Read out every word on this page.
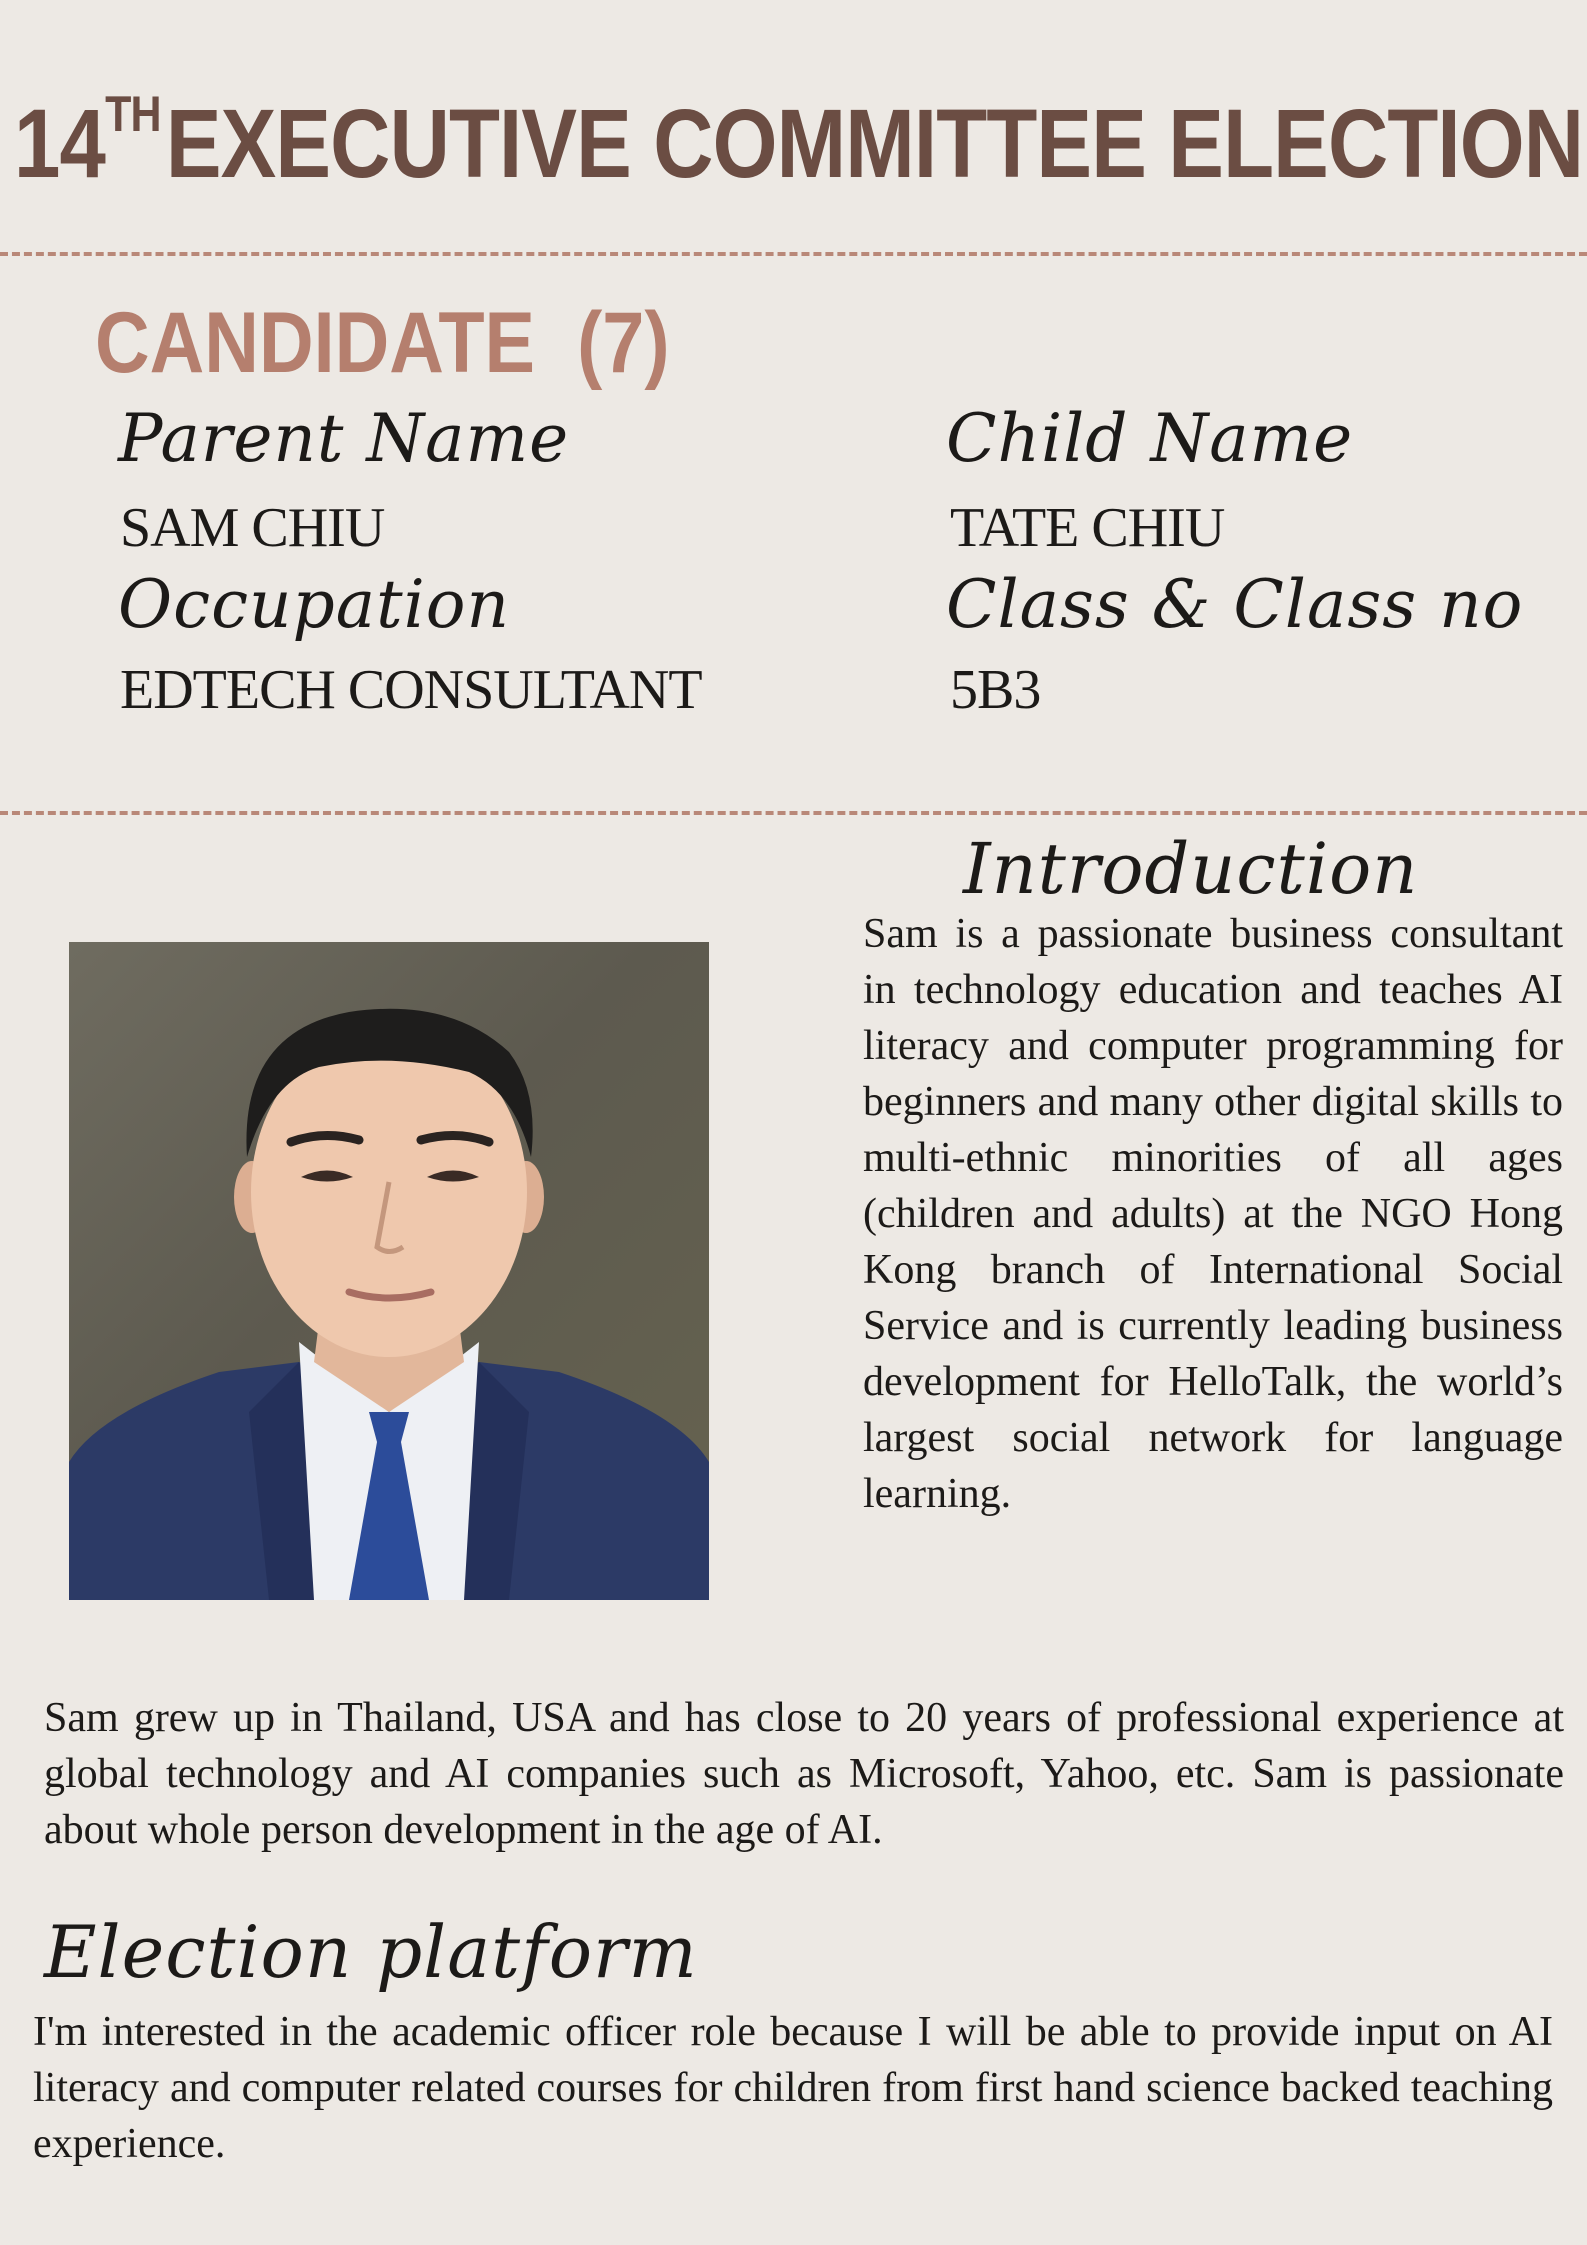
14THEXECUTIVE COMMITTEE ELECTION
CANDIDATE  (7)
Parent Name
SAM CHIU
Child Name
TATE CHIU
Occupation
EDTECH CONSULTANT
Class & Class no
5B3
Introduction

Sam is a passionate business consultant in technology education and teaches AI literacy and computer programming for beginners and many other digital skills to multi-ethnic minorities of all ages (children and adults) at the NGO Hong Kong branch of International Social Service and is currently leading business development for HelloTalk, the world’s largest social network for language learning.

Sam grew up in Thailand, USA and has close to 20 years of professional experience at global technology and AI companies such as Microsoft, Yahoo, etc. Sam is passionate about whole person development in the age of AI.

Election platform

I'm interested in the academic officer role because I will be able to provide input on AI literacy and computer related courses for children from first hand science backed teaching experience.
